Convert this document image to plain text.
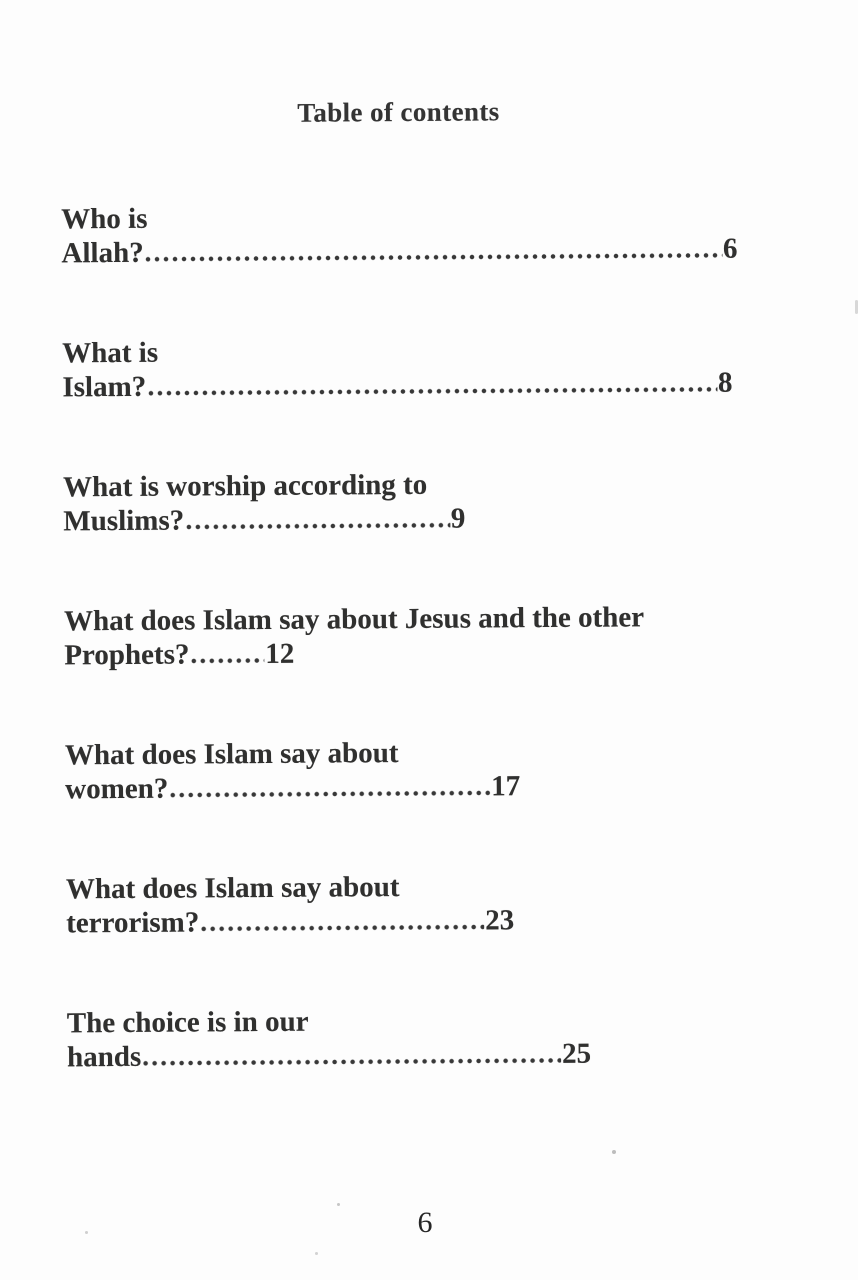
Table of contents
Who is
Allah?	6
What is
Islam?	8
What is worship according to
Muslims?	9
What does Islam say about Jesus and the other
Prophets?	12
What does Islam say about
women?	17
What does Islam say about
terrorism?	23
The choice is in our
hands	25
6
